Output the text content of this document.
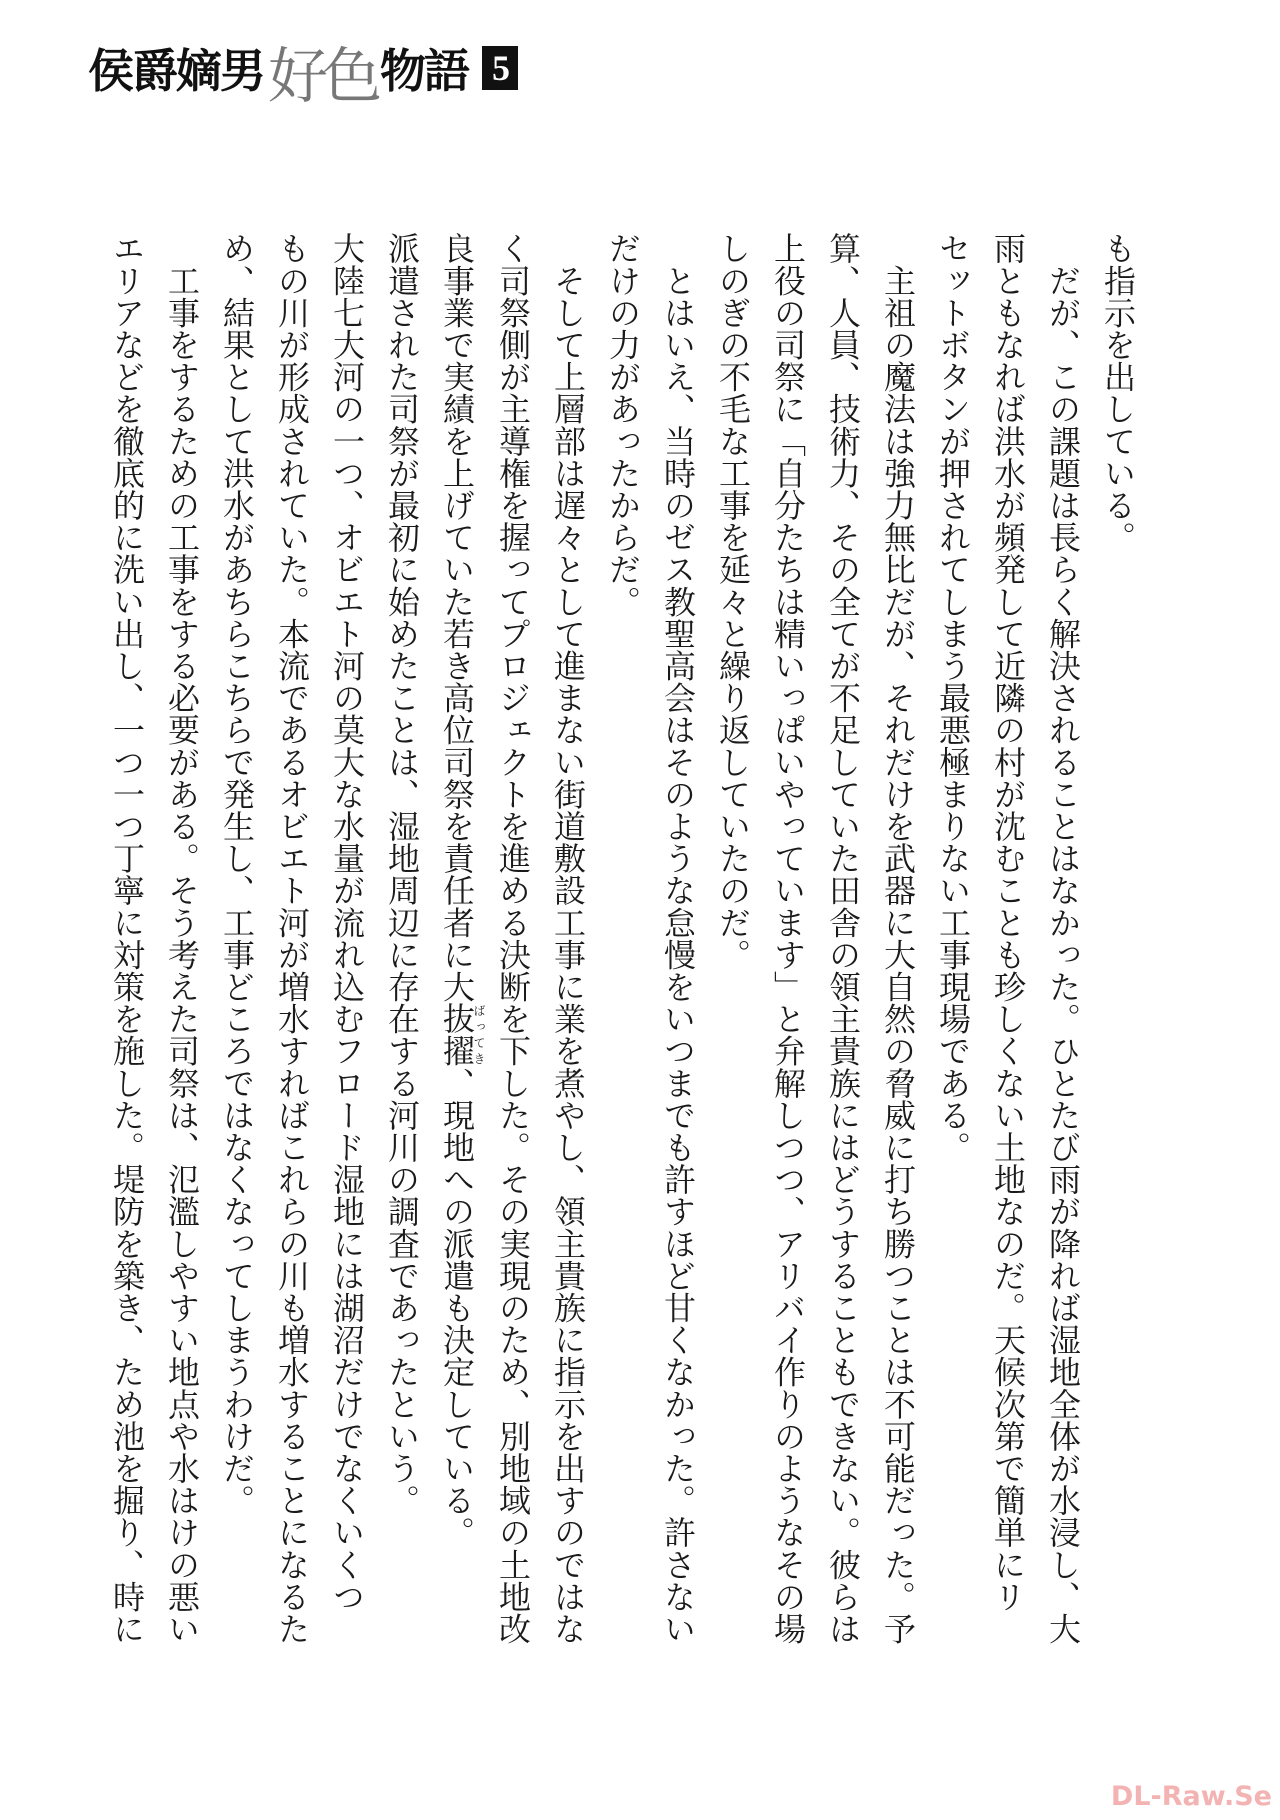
侯爵嫡男 好色 物語 5
も指示を出している。
　だが、この課題は長らく解決されることはなかった。ひとたび雨が降れば湿地全体が水浸し、大
雨ともなれば洪水が頻発して近隣の村が沈むことも珍しくない土地なのだ。天候次第で簡単にリ
セットボタンが押されてしまう最悪極まりない工事現場である。
　主祖の魔法は強力無比だが、それだけを武器に大自然の脅威に打ち勝つことは不可能だった。予
算、人員、技術力、その全てが不足していた田舎の領主貴族にはどうすることもできない。彼らは
上役の司祭に「自分たちは精いっぱいやっています」と弁解しつつ、アリバイ作りのようなその場
しのぎの不毛な工事を延々と繰り返していたのだ。
　とはいえ、当時のゼス教聖高会はそのような怠慢をいつまでも許すほど甘くなかった。許さない
だけの力があったからだ。
　そして上層部は遅々として進まない街道敷設工事に業を煮やし、領主貴族に指示を出すのではな
く司祭側が主導権を握ってプロジェクトを進める決断を下した。その実現のため、別地域の土地改
良事業で実績を上げていた若き高位司祭を責任者に大抜擢ばってき、現地への派遣も決定している。
派遣された司祭が最初に始めたことは、湿地周辺に存在する河川の調査であったという。
大陸七大河の一つ、オビエト河の莫大な水量が流れ込むフロード湿地には湖沼だけでなくいくつ
もの川が形成されていた。本流であるオビエト河が増水すればこれらの川も増水することになるた
め、結果として洪水があちらこちらで発生し、工事どころではなくなってしまうわけだ。
　工事をするための工事をする必要がある。そう考えた司祭は、氾濫しやすい地点や水はけの悪い
エリアなどを徹底的に洗い出し、一つ一つ丁寧に対策を施した。堤防を築き、ため池を掘り、時に
DL-Raw.Se
